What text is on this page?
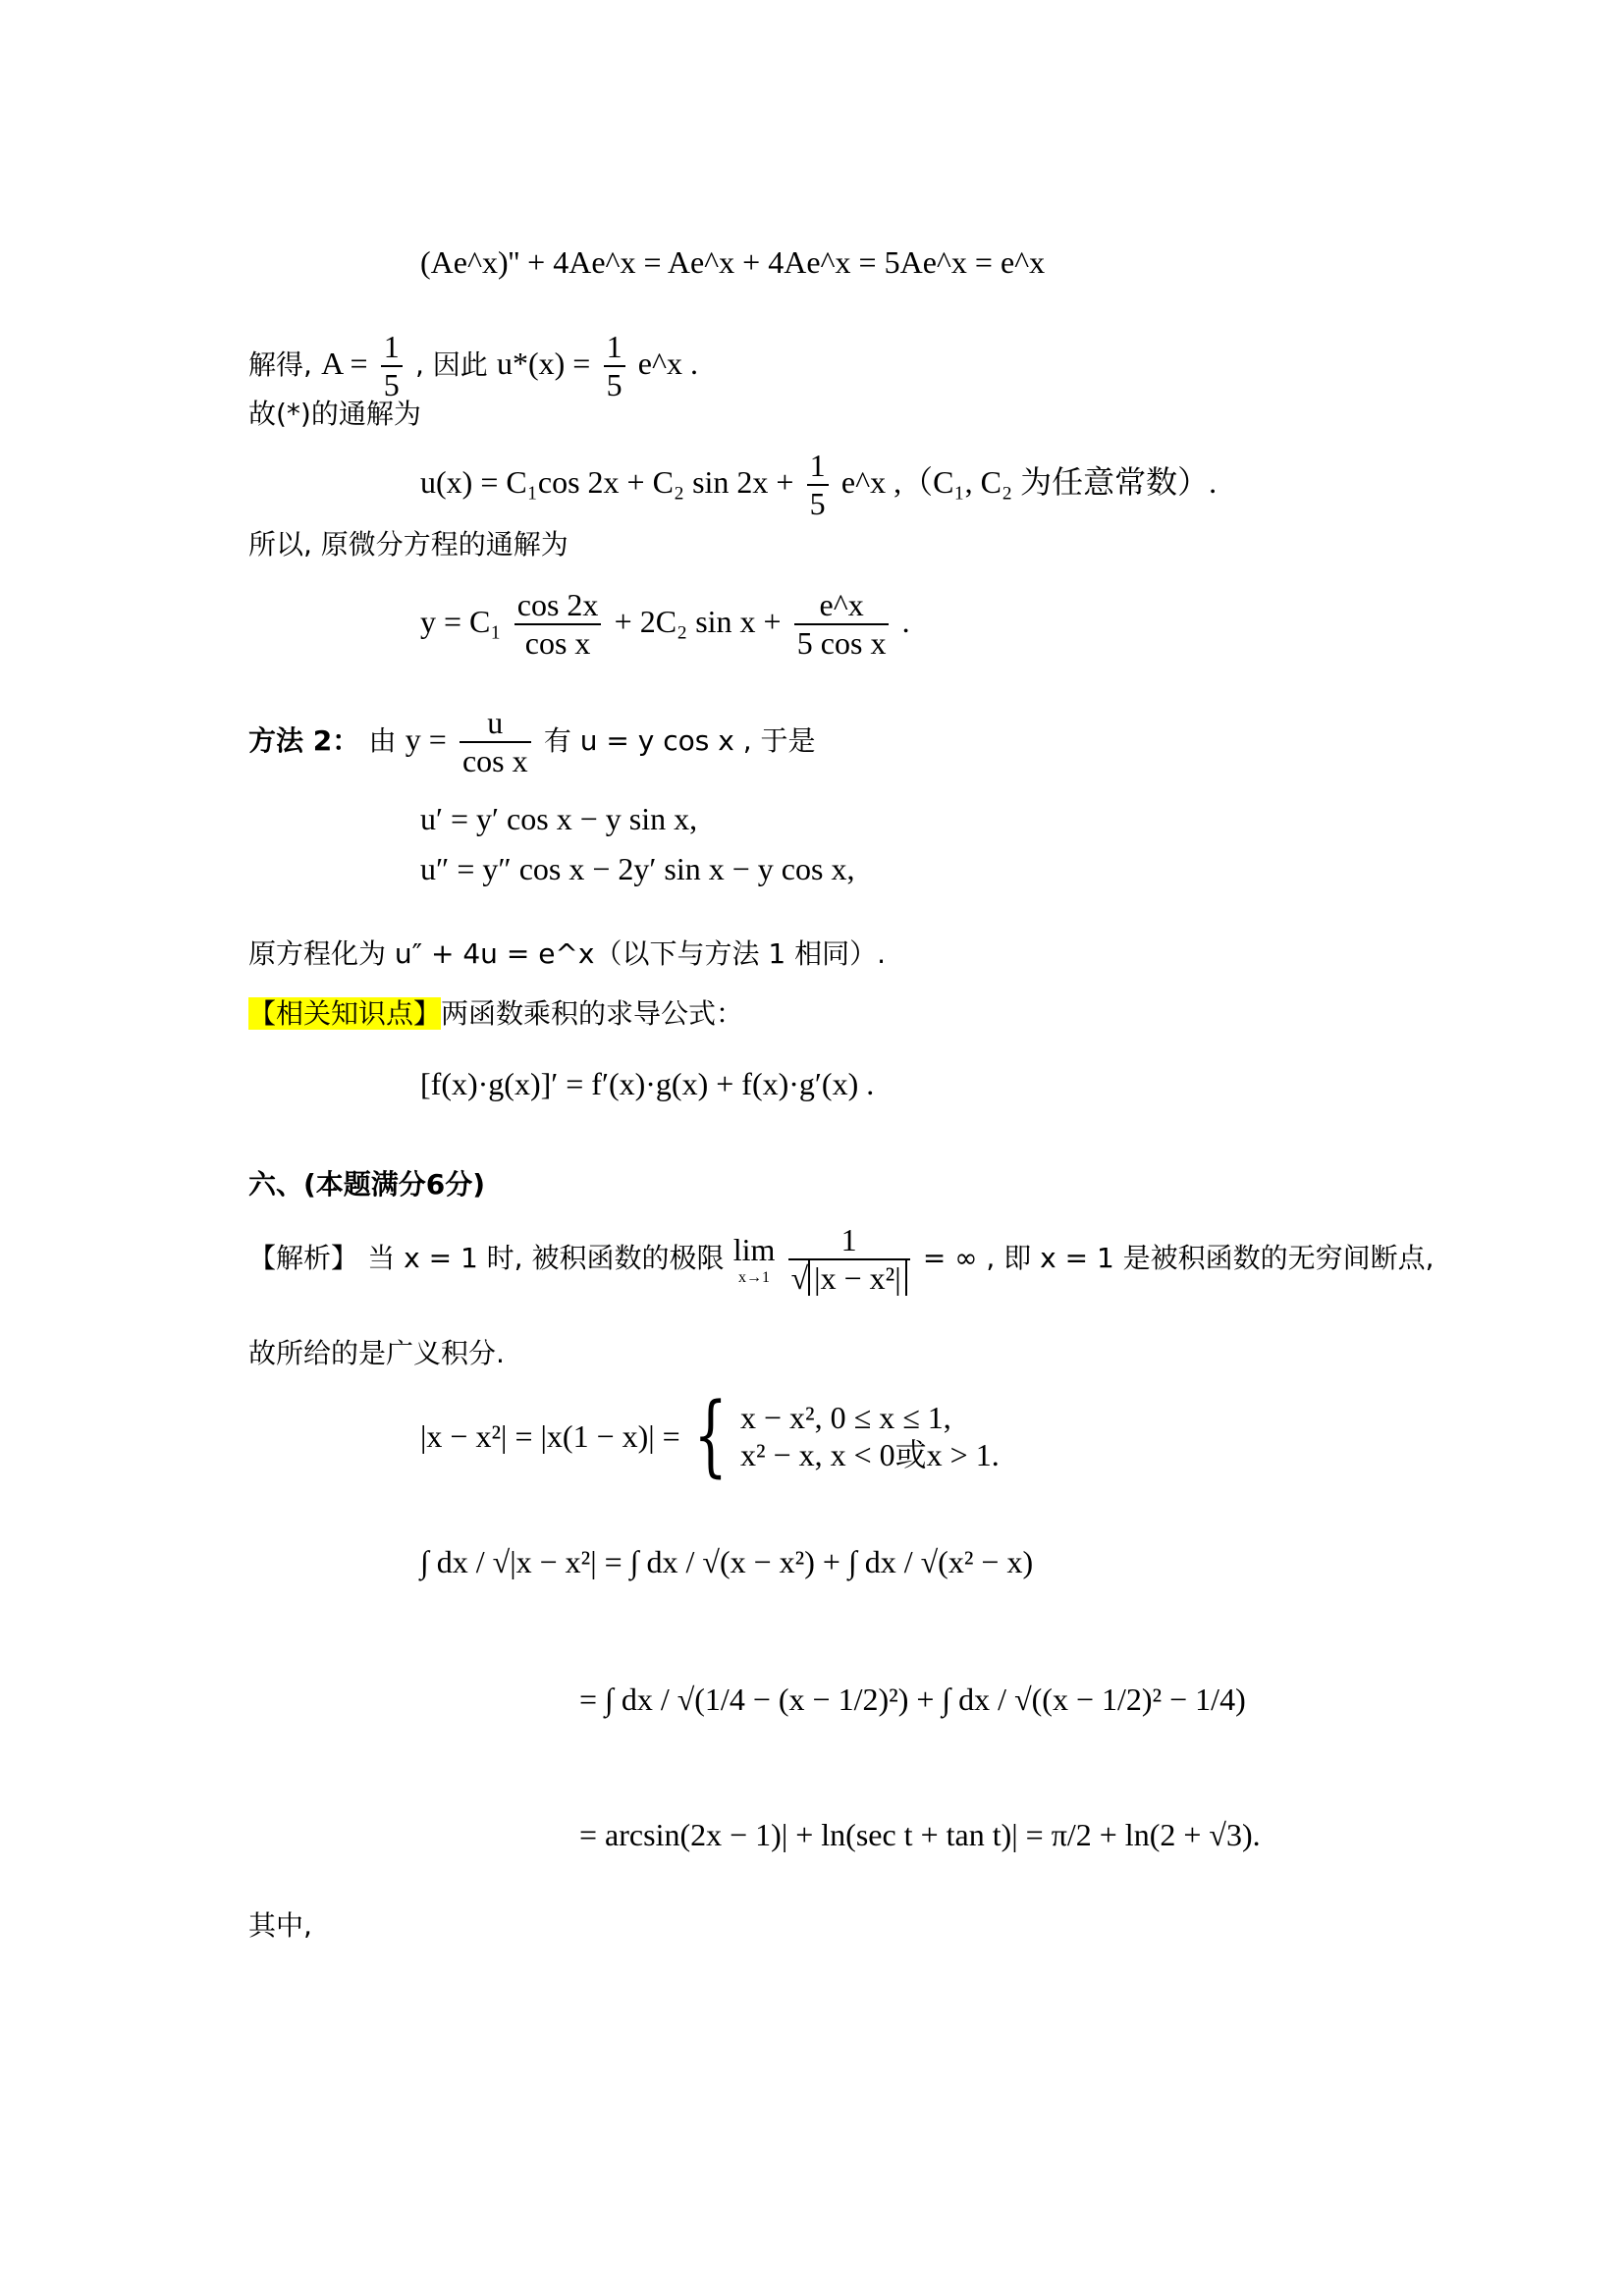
(Ae^x)'' + 4Ae^x = Ae^x + 4Ae^x = 5Ae^x = e^x
解得, $A = \frac{1}{5}$ , 因此 $u*(x) = \frac{1}{5}$ e^x .
故(*)的通解为
u(x) = C₁cos 2x + C₂ $\sin 2x + \frac{1}{5}$ e^x ,（C₁, C₂ 为任意常数）.
所以, 原微分方程的通解为
$y = C_1 \frac{\cos 2x}{\text{cos x}} + 2C_2$ $\sin x + \frac{e\^{}x}{\text{5 cos x}}$ .
方法 2： 由 $y = \frac{u}{\text{cos x}}$ 有 u = y cos x , 于是
u′ = y′ cos x − y sin x,
u″ = y″ cos x − 2y′ sin x − y cos x,
原方程化为 u″ + 4u = e^x（以下与方法 1 相同）.
【相关知识点】两函数乘积的求导公式：
[f(x)·g(x)]′ = f′(x)·g(x) + f(x)·g′(x) .
六、(本题满分6分)
【解析】 当 x = 1 时, 被积函数的极限 lim
x→1
$\frac{1}{\text{√ |x − x²|}}$ = ∞ , 即 x = 1 是被积函数的无穷间断点,
故所给的是广义积分.
|x − x²| = |x(1 − x)| = { x − x², 0 ≤ x ≤ 1,
x² − x, x < 0或x > 1.
∫ dx / √|x − x²| = ∫ dx / √(x − x²) + ∫ dx / √(x² − x)
= ∫ dx / √(1/4 − (x − 1/2)²) + ∫ dx / √((x − 1/2)² − 1/4)
= arcsin(2x − 1)| + ln(sec t + tan t)| = π/2 + ln(2 + √3).
其中,
